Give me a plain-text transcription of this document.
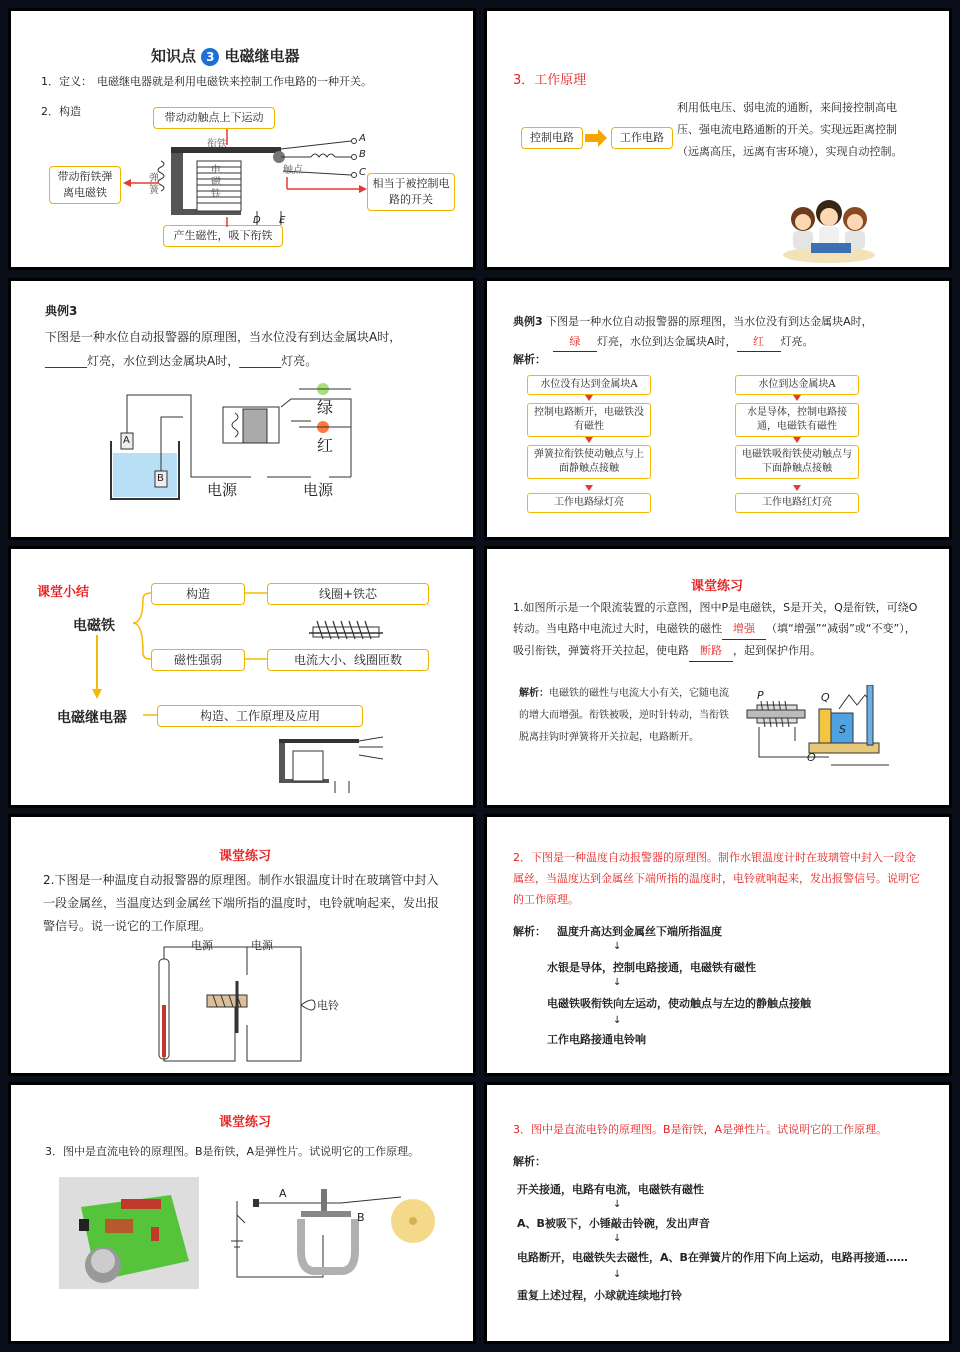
知识点 3 电磁继电器
1．定义： 电磁继电器就是利用电磁铁来控制工作电路的一种开关。
2．构造	带动动触点上下运动
带动衔铁弹离电磁铁
相当于被控制电路的开关
产生磁性，吸下衔铁
衔铁
弹簧
电磁铁
触点
A
B
C
D E
3．工作原理
控制电路	工作电路
利用低电压、弱电流的通断，来间接控制高电压、强电流电路通断的开关。实现远距离控制（远离高压，远离有害环境），实现自动控制。
典例3
下图是一种水位自动报警器的原理图，当水位没有到达金属块A时，
_______灯亮，水位到达金属块A时，_______灯亮。
A
B
绿
红
电源	电源
典例3 下图是一种水位自动报警器的原理图，当水位没有到达金属块A时，
绿 灯亮，水位到达金属块A时， 红 灯亮。
解析：
水位没有达到金属块A
控制电路断开，电磁铁没有磁性
弹簧拉衔铁使动触点与上面静触点接触
工作电路绿灯亮
水位到达金属块A
水是导体，控制电路接通，电磁铁有磁性
电磁铁吸衔铁使动触点与下面静触点接触
工作电路红灯亮
课堂小结
电磁铁
电磁继电器
构造	线圈+铁芯
磁性强弱	电流大小、线圈匝数
构造、工作原理及应用
课堂练习
1.如图所示是一个限流装置的示意图，图中P是电磁铁，S是开关，Q是衔铁，可绕O转动。当电路中电流过大时，电磁铁的磁性 增强 （填“增强”“减弱”或“不变”），吸引衔铁，弹簧将开关拉起，使电路 断路 ，起到保护作用。
解析：电磁铁的磁性与电流大小有关，它随电流的增大而增强。衔铁被吸，逆时针转动，当衔铁脱离挂钩时弹簧将开关拉起，电路断开。
P	Q
S
O
课堂练习
2.下图是一种温度自动报警器的原理图。制作水银温度计时在玻璃管中封入一段金属丝，当温度达到金属丝下端所指的温度时，电铃就响起来，发出报警信号。说一说它的工作原理。
电源	电源
电铃
2．下图是一种温度自动报警器的原理图。制作水银温度计时在玻璃管中封入一段金属丝，当温度达到金属丝下端所指的温度时，电铃就响起来，发出报警信号。说明它的工作原理。
解析： 温度升高达到金属丝下端所指温度
↓
水银是导体，控制电路接通，电磁铁有磁性
↓
电磁铁吸衔铁向左运动，使动触点与左边的静触点接触
↓
工作电路接通电铃响
课堂练习
3．图中是直流电铃的原理图。B是衔铁，A是弹性片。试说明它的工作原理。
A
B
3．图中是直流电铃的原理图。B是衔铁，A是弹性片。试说明它的工作原理。
解析：
开关接通，电路有电流，电磁铁有磁性
↓
A、B被吸下，小锤敲击铃碗，发出声音
↓
电路断开，电磁铁失去磁性，A、B在弹簧片的作用下向上运动，电路再接通……
↓
重复上述过程，小球就连续地打铃
